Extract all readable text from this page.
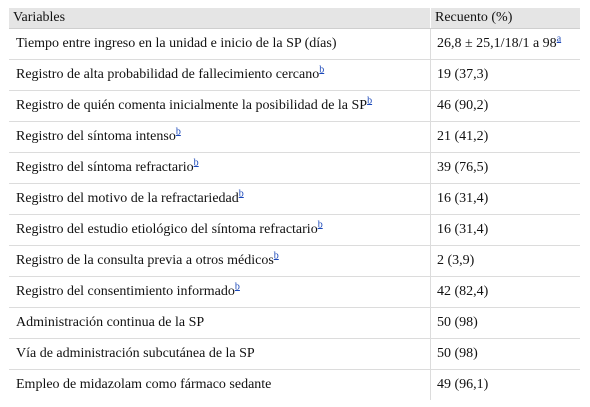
Variables	Recuento (%)
Tiempo entre ingreso en la unidad e inicio de la SP (días)	26,8 ± 25,1/18/1 a 98$^a$
Registro de alta probabilidad de fallecimiento cercano$^b$	19 (37,3)
Registro de quién comenta inicialmente la posibilidad de la SP$^b$	46 (90,2)
Registro del síntoma intenso$^b$	21 (41,2)
Registro del síntoma refractario$^b$	39 (76,5)
Registro del motivo de la refractariedad$^b$	16 (31,4)
Registro del estudio etiológico del síntoma refractario$^b$	16 (31,4)
Registro de la consulta previa a otros médicos$^b$	2 (3,9)
Registro del consentimiento informado$^b$	42 (82,4)
Administración continua de la SP	50 (98)
Vía de administración subcutánea de la SP	50 (98)
Empleo de midazolam como fármaco sedante	49 (96,1)
